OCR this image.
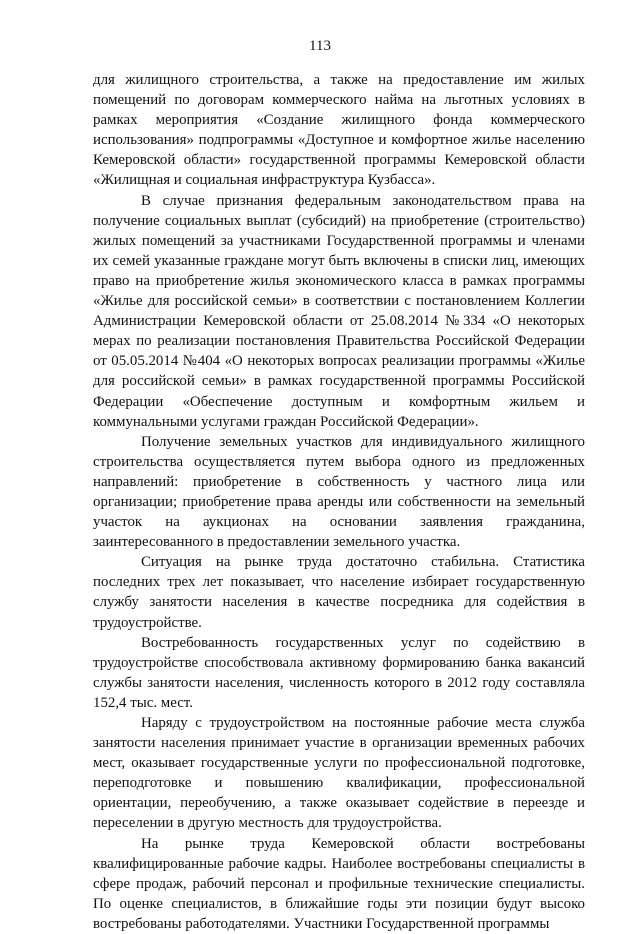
113

для жилищного строительства, а также на предоставление им жилых помещений по договорам коммерческого найма на льготных условиях в рамках мероприятия «Создание жилищного фонда коммерческого использования» подпрограммы «Доступное и комфортное жилье населению Кемеровской области» государственной программы Кемеровской области «Жилищная и социальная инфраструктура Кузбасса».

В случае признания федеральным законодательством права на получение социальных выплат (субсидий) на приобретение (строительство) жилых помещений за участниками Государственной программы и членами их семей указанные граждане могут быть включены в списки лиц, имеющих право на приобретение жилья экономического класса в рамках программы «Жилье для российской семьи» в соответствии с постановлением Коллегии Администрации Кемеровской области от 25.08.2014 №334 «О некоторых мерах по реализации постановления Правительства Российской Федерации от 05.05.2014 №404 «О некоторых вопросах реализации программы «Жилье для российской семьи» в рамках государственной программы Российской Федерации «Обеспечение доступным и комфортным жильем и коммунальными услугами граждан Российской Федерации».

Получение земельных участков для индивидуального жилищного строительства осуществляется путем выбора одного из предложенных направлений: приобретение в собственность у частного лица или организации; приобретение права аренды или собственности на земельный участок на аукционах на основании заявления гражданина, заинтересованного в предоставлении земельного участка.

Ситуация на рынке труда достаточно стабильна. Статистика последних трех лет показывает, что население избирает государственную службу занятости населения в качестве посредника для содействия в трудоустройстве.

Востребованность государственных услуг по содействию в трудоустройстве способствовала активному формированию банка вакансий службы занятости населения, численность которого в 2012 году составляла 152,4 тыс. мест.

Наряду с трудоустройством на постоянные рабочие места служба занятости населения принимает участие в организации временных рабочих мест, оказывает государственные услуги по профессиональной подготовке, переподготовке и повышению квалификации, профессиональной ориентации, переобучению, а также оказывает содействие в переезде и переселении в другую местность для трудоустройства.

На рынке труда Кемеровской области востребованы квалифицированные рабочие кадры. Наиболее востребованы специалисты в сфере продаж, рабочий персонал и профильные технические специалисты. По оценке специалистов, в ближайшие годы эти позиции будут высоко востребованы работодателями. Участники Государственной программы
